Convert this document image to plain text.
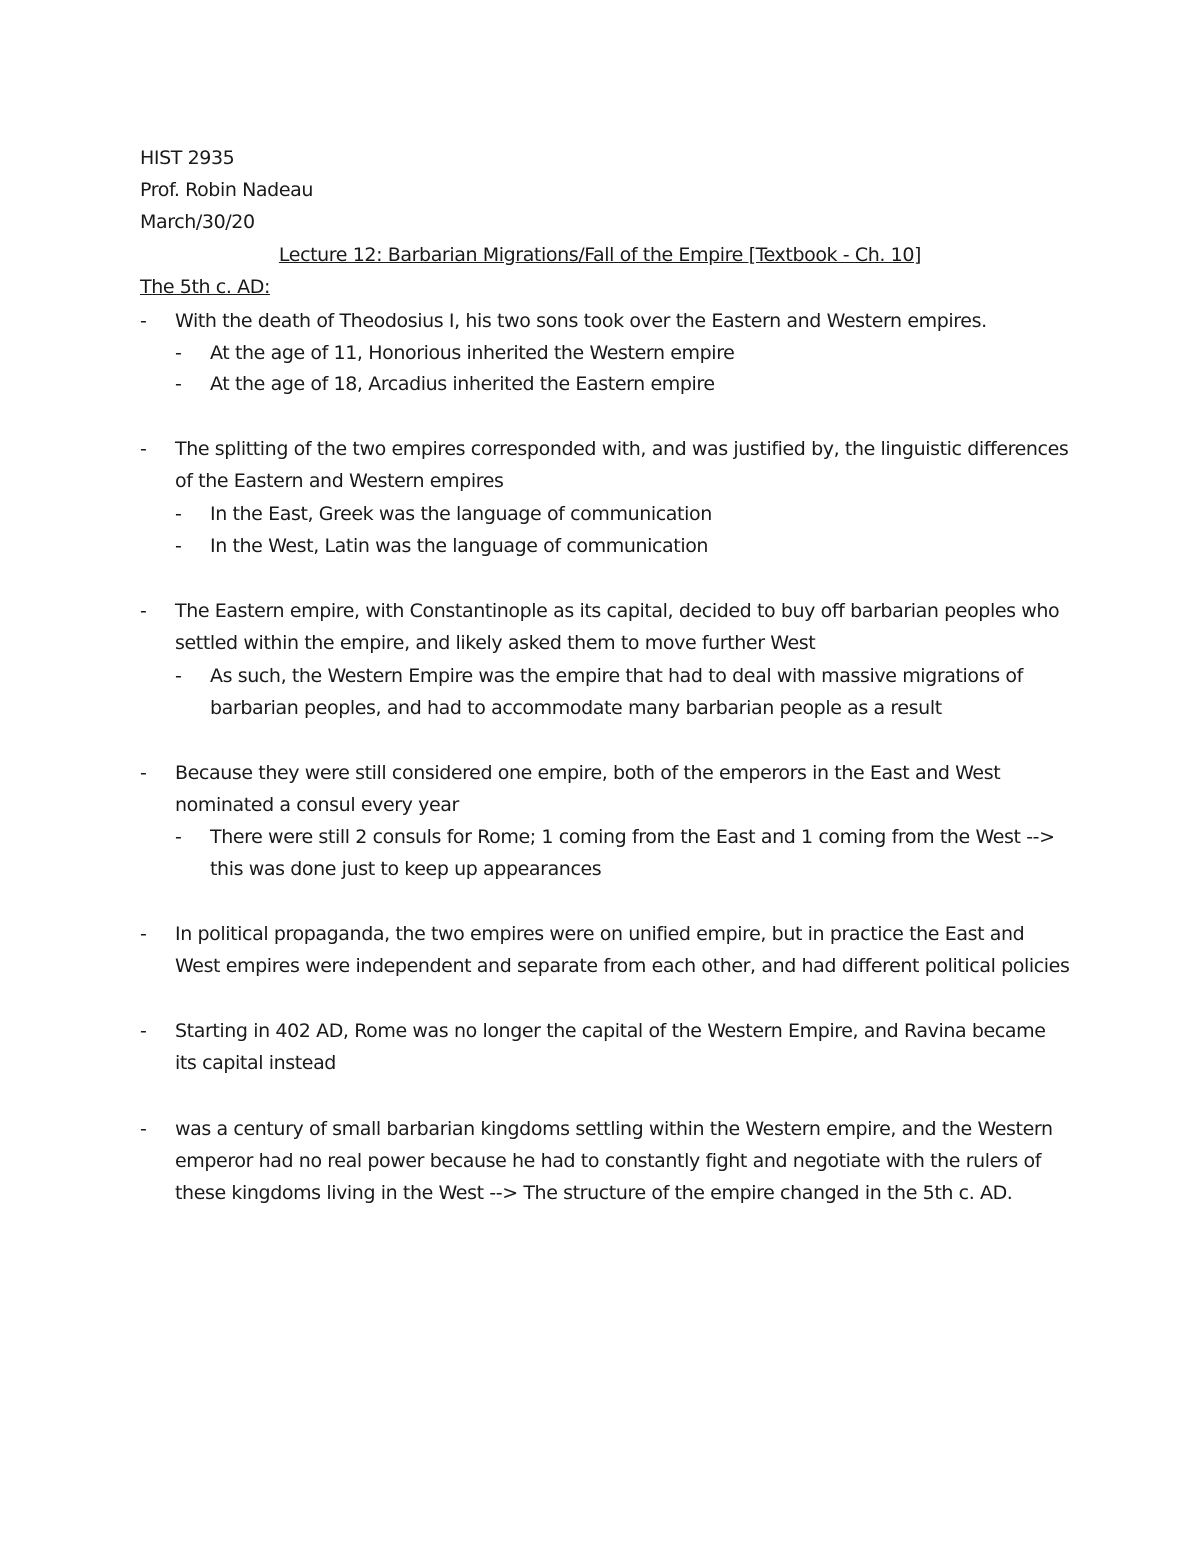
HIST 2935
Prof. Robin Nadeau
March/30/20
Lecture 12: Barbarian Migrations/Fall of the Empire [Textbook - Ch. 10]
The 5th c. AD:
-	With the death of Theodosius I, his two sons took over the Eastern and Western empires.
-	At the age of 11, Honorious inherited the Western empire
-	At the age of 18, Arcadius inherited the Eastern empire
-	The splitting of the two empires corresponded with, and was justified by, the linguistic differences of the Eastern and Western empires
-	In the East, Greek was the language of communication
-	In the West, Latin was the language of communication
-	The Eastern empire, with Constantinople as its capital, decided to buy off barbarian peoples who settled within the empire, and likely asked them to move further West
-	As such, the Western Empire was the empire that had to deal with massive migrations of barbarian peoples, and had to accommodate many barbarian people as a result
-	Because they were still considered one empire, both of the emperors in the East and West nominated a consul every year
-	There were still 2 consuls for Rome; 1 coming from the East and 1 coming from the West --> this was done just to keep up appearances
-	In political propaganda, the two empires were on unified empire, but in practice the East and West empires were independent and separate from each other, and had different political policies
-	Starting in 402 AD, Rome was no longer the capital of the Western Empire, and Ravina became its capital instead
-	was a century of small barbarian kingdoms settling within the Western empire, and the Western emperor had no real power because he had to constantly fight and negotiate with the rulers of these kingdoms living in the West --> The structure of the empire changed in the 5th c. AD.
